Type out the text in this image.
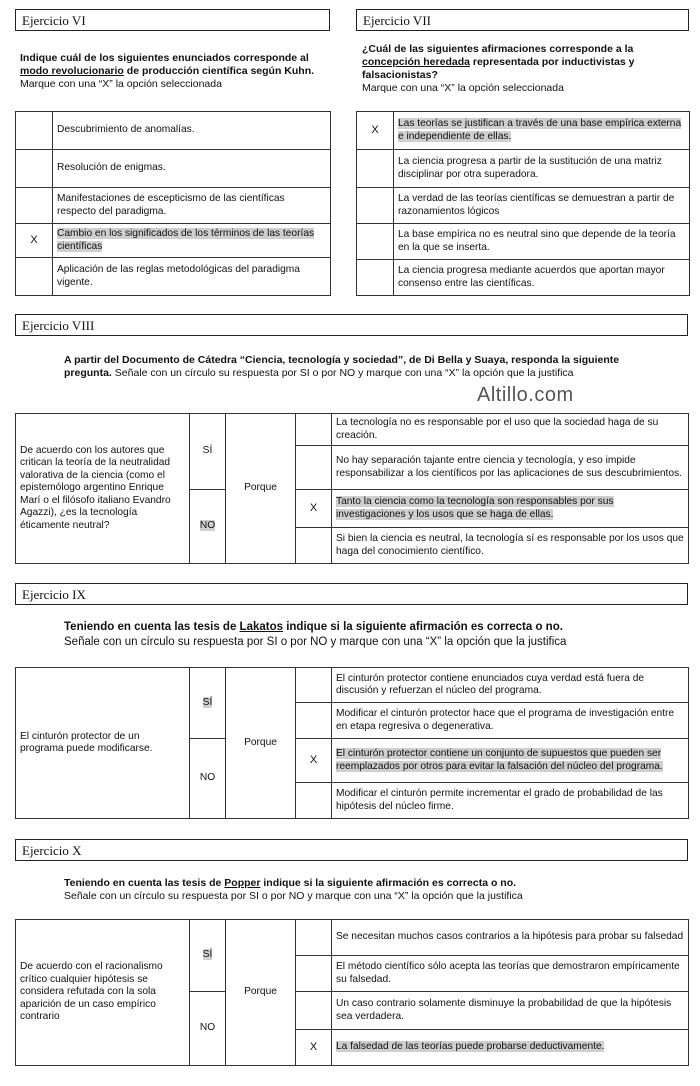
Ejercicio VI
Indique cuál de los siguientes enunciados corresponde al
modo revolucionario de producción científica según Kuhn.
Marque con una “X” la opción seleccionada
	Descubrimiento de anomalías.
	Resolución de enigmas.
	Manifestaciones de escepticismo de las científicas respecto del paradigma.
X	Cambio en los significados de los términos de las teorías científicas
	Aplicación de las reglas metodológicas del paradigma vigente.
Ejercicio VII
¿Cuál de las siguientes afirmaciones corresponde a la
concepción heredada representada por inductivistas y falsacionistas?
Marque con una “X” la opción seleccionada
X	Las teorías se justifican a través de una base empírica externa e independiente de ellas.
	La ciencia progresa a partir de la sustitución de una matriz disciplinar por otra superadora.
	La verdad de las teorías científicas se demuestran a partir de razonamientos lógicos
	La base empírica no es neutral sino que depende de la teoría en la que se inserta.
	La ciencia progresa mediante acuerdos que aportan mayor consenso entre las científicas.
Ejercicio VIII
A partir del Documento de Cátedra “Ciencia, tecnología y sociedad”, de Di Bella y Suaya, responda la siguiente pregunta. Señale con un círculo su respuesta por SI o por NO y marque con una “X” la opción que la justifica
Altillo.com
De acuerdo con los autores que critican la teoría de la neutralidad valorativa de la ciencia (como el epistemólogo argentino Enrique Marí o el filósofo italiano Evandro Agazzi), ¿es la tecnología éticamente neutral?	SÍ	Porque		La tecnología no es responsable por el uso que la sociedad haga de su creación.
				No hay separación tajante entre ciencia y tecnología, y eso impide responsabilizar a los científicos por las aplicaciones de sus descubrimientos.
	NO		X	Tanto la ciencia como la tecnología son responsables por sus investigaciones y los usos que se haga de ellas.
				Si bien la ciencia es neutral, la tecnología sí es responsable por los usos que haga del conocimiento científico.
Ejercicio IX
Teniendo en cuenta las tesis de Lakatos indique si la siguiente afirmación es correcta o no.
Señale con un círculo su respuesta por SI o por NO y marque con una “X” la opción que la justifica
El cinturón protector de un programa puede modificarse.	SÍ	Porque		El cinturón protector contiene enunciados cuya verdad está fuera de discusión y refuerzan el núcleo del programa.
				Modificar el cinturón protector hace que el programa de investigación entre en etapa regresiva o degenerativa.
	NO		X	El cinturón protector contiene un conjunto de supuestos que pueden ser reemplazados por otros para evitar la falsación del núcleo del programa.
				Modificar el cinturón permite incrementar el grado de probabilidad de las hipótesis del núcleo firme.
Ejercicio X
Teniendo en cuenta las tesis de Popper indique si la siguiente afirmación es correcta o no.
Señale con un círculo su respuesta por SI o por NO y marque con una “X” la opción que la justifica
De acuerdo con el racionalismo crítico cualquier hipótesis se considera refutada con la sola aparición de un caso empírico contrario	SÍ	Porque		Se necesitan muchos casos contrarios a la hipótesis para probar su falsedad
				El método científico sólo acepta las teorías que demostraron empíricamente su falsedad.
	NO			Un caso contrario solamente disminuye la probabilidad de que la hipótesis sea verdadera.
			X	La falsedad de las teorías puede probarse deductivamente.
